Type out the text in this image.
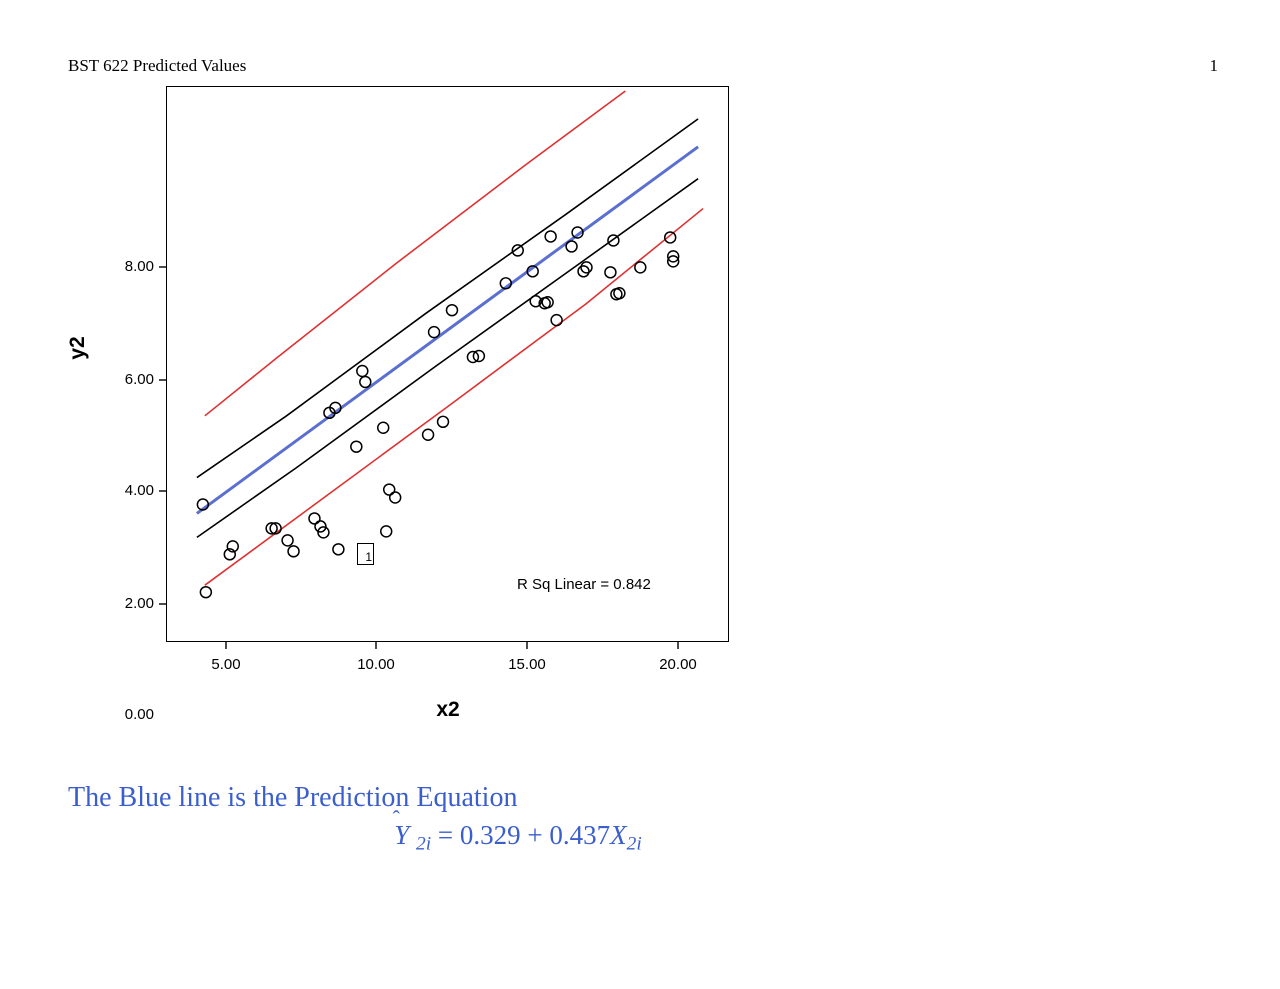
BST 622 Predicted Values	1
y2
8.00
6.00
4.00
2.00
0.00
5.00	10.00	15.00	20.00
x2
R Sq Linear = 0.842
1
The Blue line is the Prediction Equation
Y $_{2i} = 0.329 + 0.437X_{2i}$
